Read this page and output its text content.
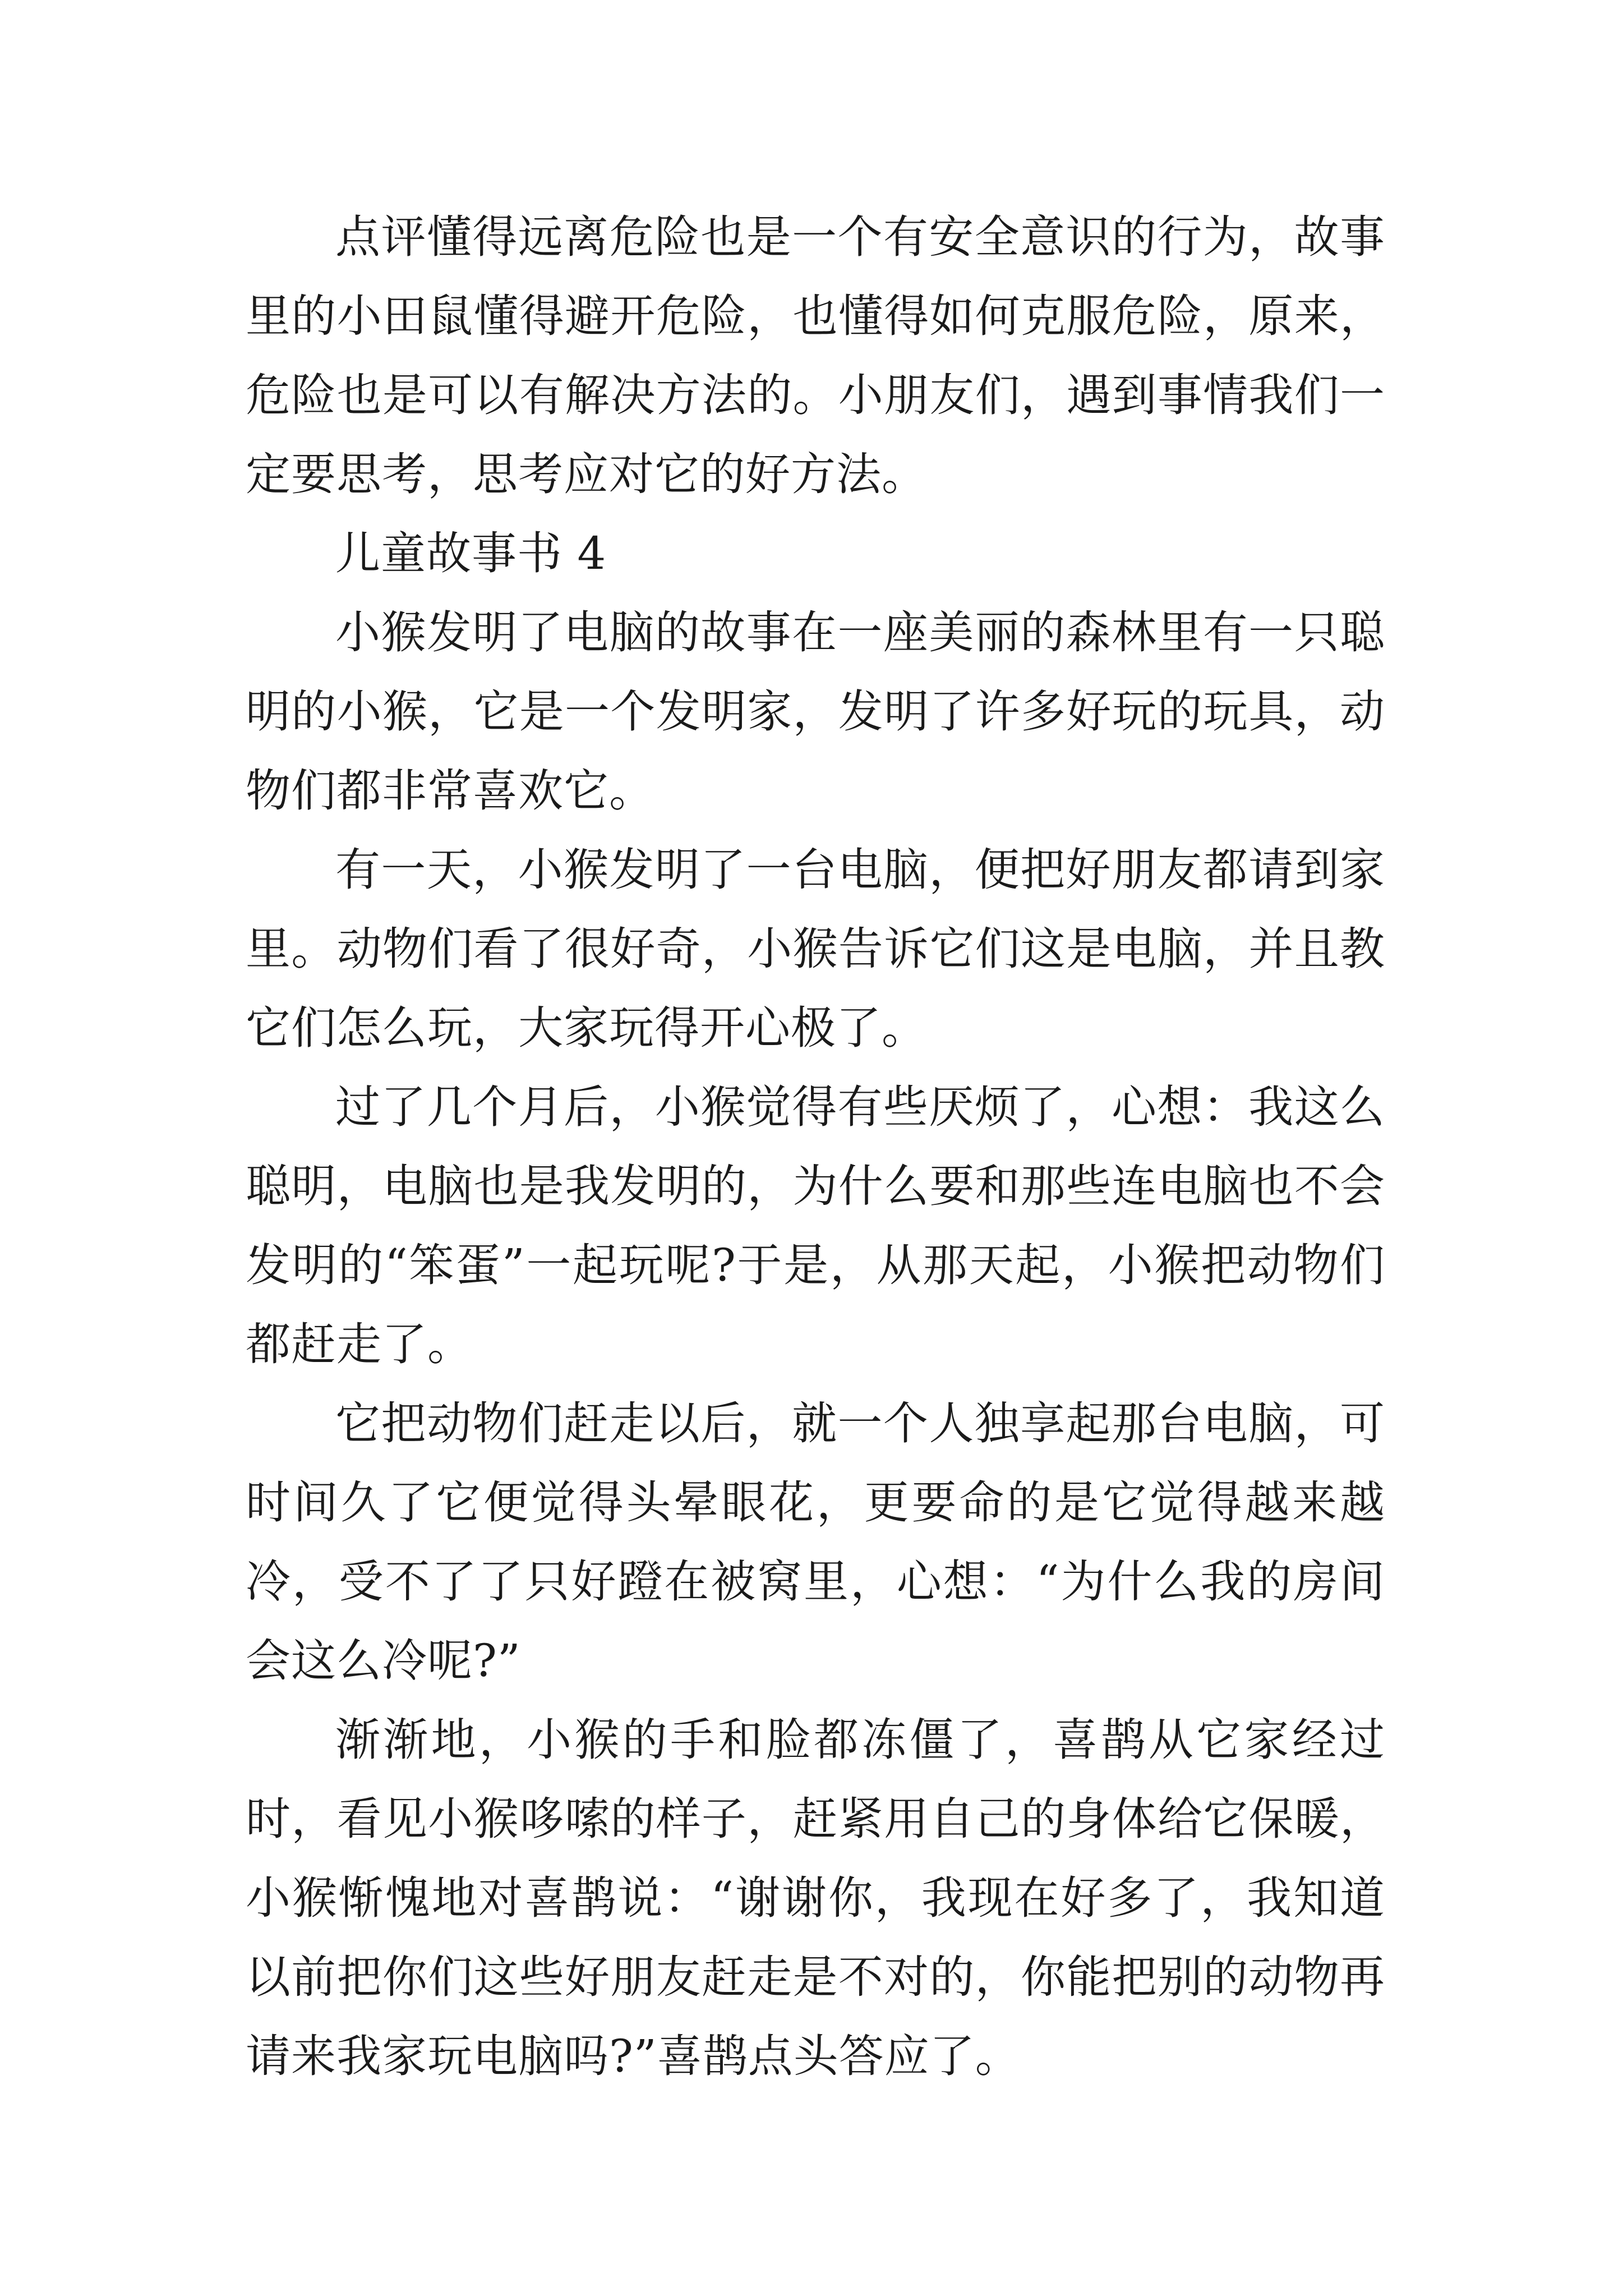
点评懂得远离危险也是一个有安全意识的行为，故事里的小田鼠懂得避开危险，也懂得如何克服危险，原来，危险也是可以有解决方法的。小朋友们，遇到事情我们一定要思考，思考应对它的好方法。

儿童故事书 4

小猴发明了电脑的故事在一座美丽的森林里有一只聪明的小猴，它是一个发明家，发明了许多好玩的玩具，动物们都非常喜欢它。

有一天，小猴发明了一台电脑，便把好朋友都请到家里。动物们看了很好奇，小猴告诉它们这是电脑，并且教它们怎么玩，大家玩得开心极了。

过了几个月后，小猴觉得有些厌烦了，心想：我这么聪明，电脑也是我发明的，为什么要和那些连电脑也不会发明的“笨蛋”一起玩呢?于是，从那天起，小猴把动物们都赶走了。

它把动物们赶走以后，就一个人独享起那台电脑，可时间久了它便觉得头晕眼花，更要命的是它觉得越来越冷，受不了了只好蹬在被窝里，心想：“为什么我的房间会这么冷呢?”

渐渐地，小猴的手和脸都冻僵了，喜鹊从它家经过时，看见小猴哆嗦的样子，赶紧用自己的身体给它保暖，小猴惭愧地对喜鹊说：“谢谢你，我现在好多了，我知道以前把你们这些好朋友赶走是不对的，你能把别的动物再请来我家玩电脑吗?”喜鹊点头答应了。
